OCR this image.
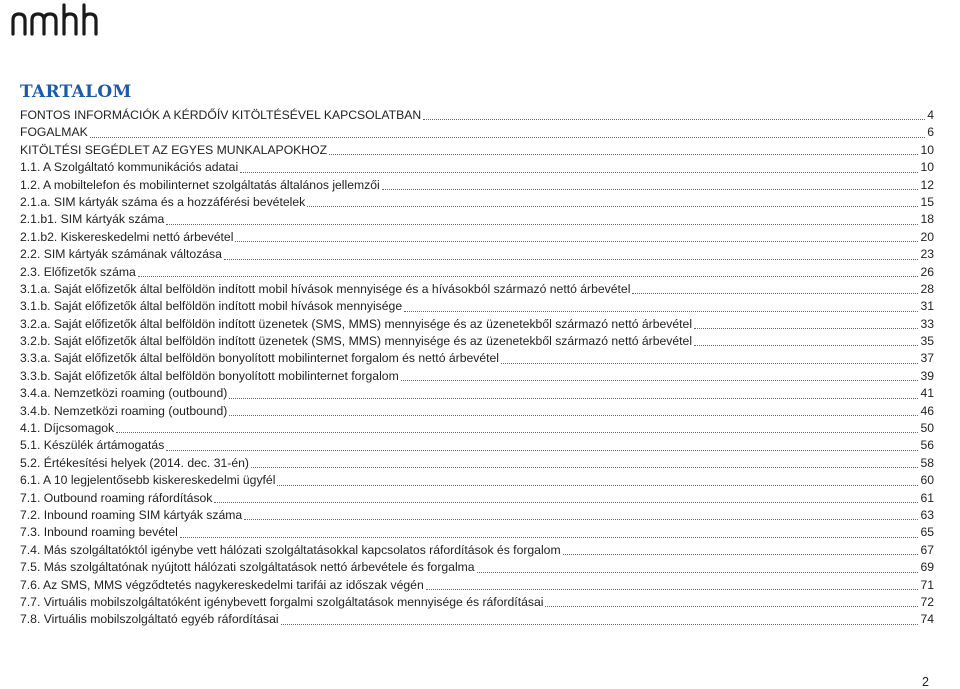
TARTALOM
FONTOS INFORMÁCIÓK A KÉRDŐÍV KITÖLTÉSÉVEL KAPCSOLATBAN	4
FOGALMAK	6
KITÖLTÉSI SEGÉDLET AZ EGYES MUNKALAPOKHOZ	10
1.1. A Szolgáltató kommunikációs adatai	10
1.2. A mobiltelefon és mobilinternet szolgáltatás általános jellemzői	12
2.1.a. SIM kártyák száma és a hozzáférési bevételek	15
2.1.b1. SIM kártyák száma	18
2.1.b2. Kiskereskedelmi nettó árbevétel	20
2.2. SIM kártyák számának változása	23
2.3. Előfizetők száma	26
3.1.a. Saját előfizetők által belföldön indított mobil hívások mennyisége és a hívásokból származó nettó árbevétel	28
3.1.b. Saját előfizetők által belföldön indított mobil hívások mennyisége	31
3.2.a. Saját előfizetők által belföldön indított üzenetek (SMS, MMS) mennyisége és az üzenetekből származó nettó árbevétel	33
3.2.b. Saját előfizetők által belföldön indított üzenetek (SMS, MMS) mennyisége és az üzenetekből származó nettó árbevétel	35
3.3.a. Saját előfizetők által belföldön bonyolított mobilinternet forgalom és nettó árbevétel	37
3.3.b. Saját előfizetők által belföldön bonyolított mobilinternet forgalom	39
3.4.a. Nemzetközi roaming (outbound)	41
3.4.b. Nemzetközi roaming (outbound)	46
4.1. Díjcsomagok	50
5.1. Készülék ártámogatás	56
5.2. Értékesítési helyek (2014. dec. 31-én)	58
6.1. A 10 legjelentősebb kiskereskedelmi ügyfél	60
7.1. Outbound roaming ráfordítások	61
7.2. Inbound roaming SIM kártyák száma	63
7.3. Inbound roaming bevétel	65
7.4. Más szolgáltatóktól igénybe vett hálózati szolgáltatásokkal kapcsolatos ráfordítások és forgalom	67
7.5. Más szolgáltatónak nyújtott hálózati szolgáltatások nettó árbevétele és forgalma	69
7.6. Az SMS, MMS végződtetés nagykereskedelmi tarifái az időszak végén	71
7.7. Virtuális mobilszolgáltatóként igénybevett forgalmi szolgáltatások mennyisége és ráfordításai	72
7.8. Virtuális mobilszolgáltató egyéb ráfordításai	74
2
